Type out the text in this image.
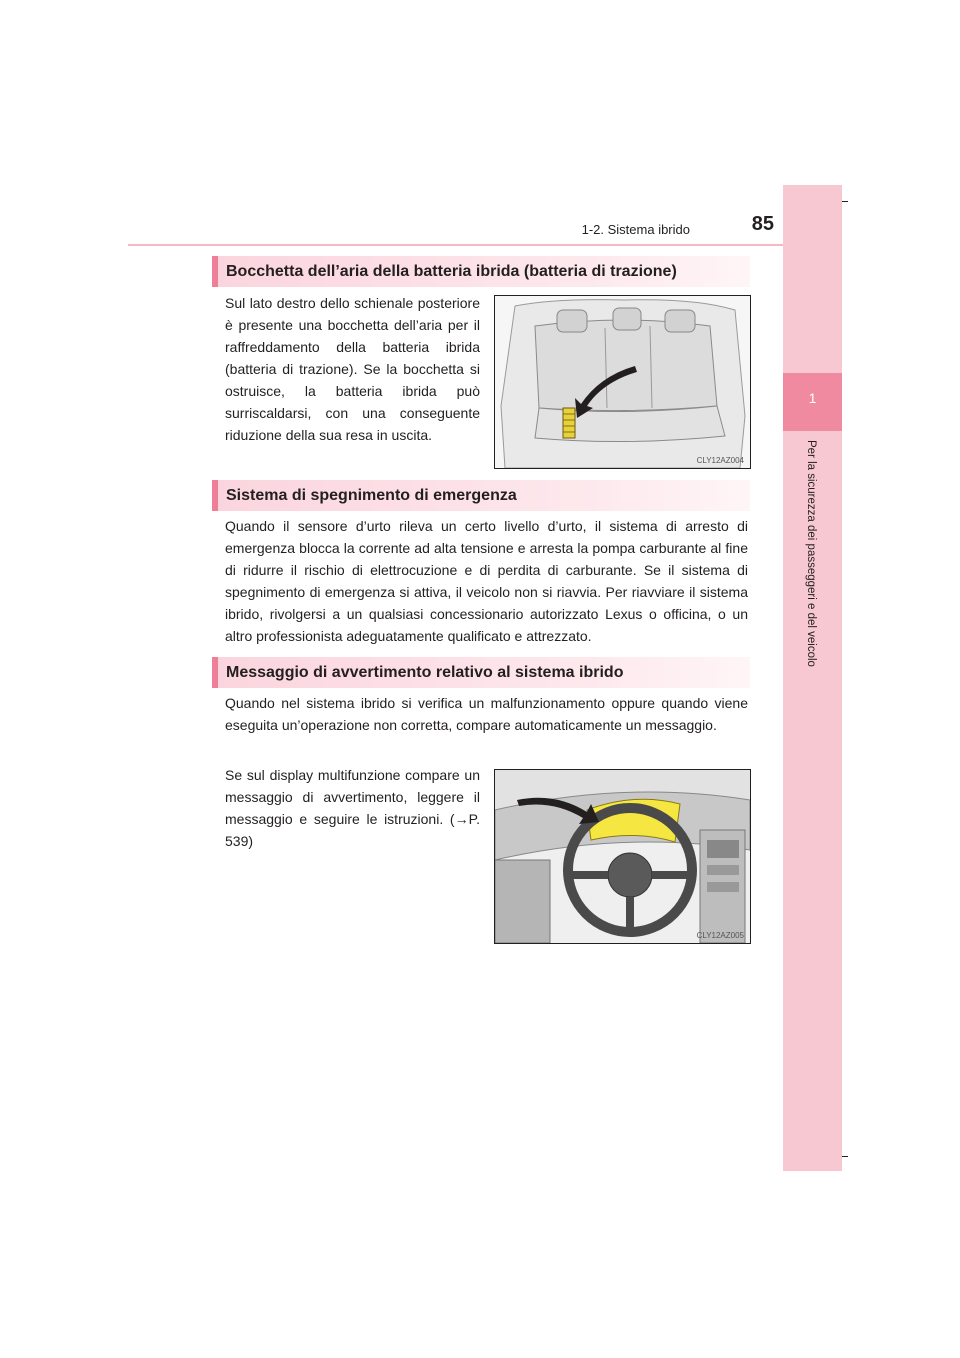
1-2. Sistema ibrido	85
1
Per la sicurezza dei passeggeri e del veicolo
Bocchetta dell’aria della batteria ibrida (batteria di trazione)
Sul lato destro dello schienale posteriore è presente una bocchetta dell’aria per il raffreddamento della batteria ibrida (batteria di trazione). Se la bocchetta si ostruisce, la batteria ibrida può surriscaldarsi, con una conseguente riduzione della sua resa in uscita.
CLY12AZ004
Sistema di spegnimento di emergenza
Quando il sensore d’urto rileva un certo livello d’urto, il sistema di arresto di emergenza blocca la corrente ad alta tensione e arresta la pompa carburante al fine di ridurre il rischio di elettrocuzione e di perdita di carburante. Se il sistema di spegnimento di emergenza si attiva, il veicolo non si riavvia. Per riavviare il sistema ibrido, rivolgersi a un qualsiasi concessionario autorizzato Lexus o officina, o un altro professionista adeguatamente qualificato e attrezzato.
Messaggio di avvertimento relativo al sistema ibrido
Quando nel sistema ibrido si verifica un malfunzionamento oppure quando viene eseguita un’operazione non corretta, compare automaticamente un messaggio.
Se sul display multifunzione compare un messaggio di avvertimento, leggere il messaggio e seguire le istruzioni. (→P. 539)
CLY12AZ005
